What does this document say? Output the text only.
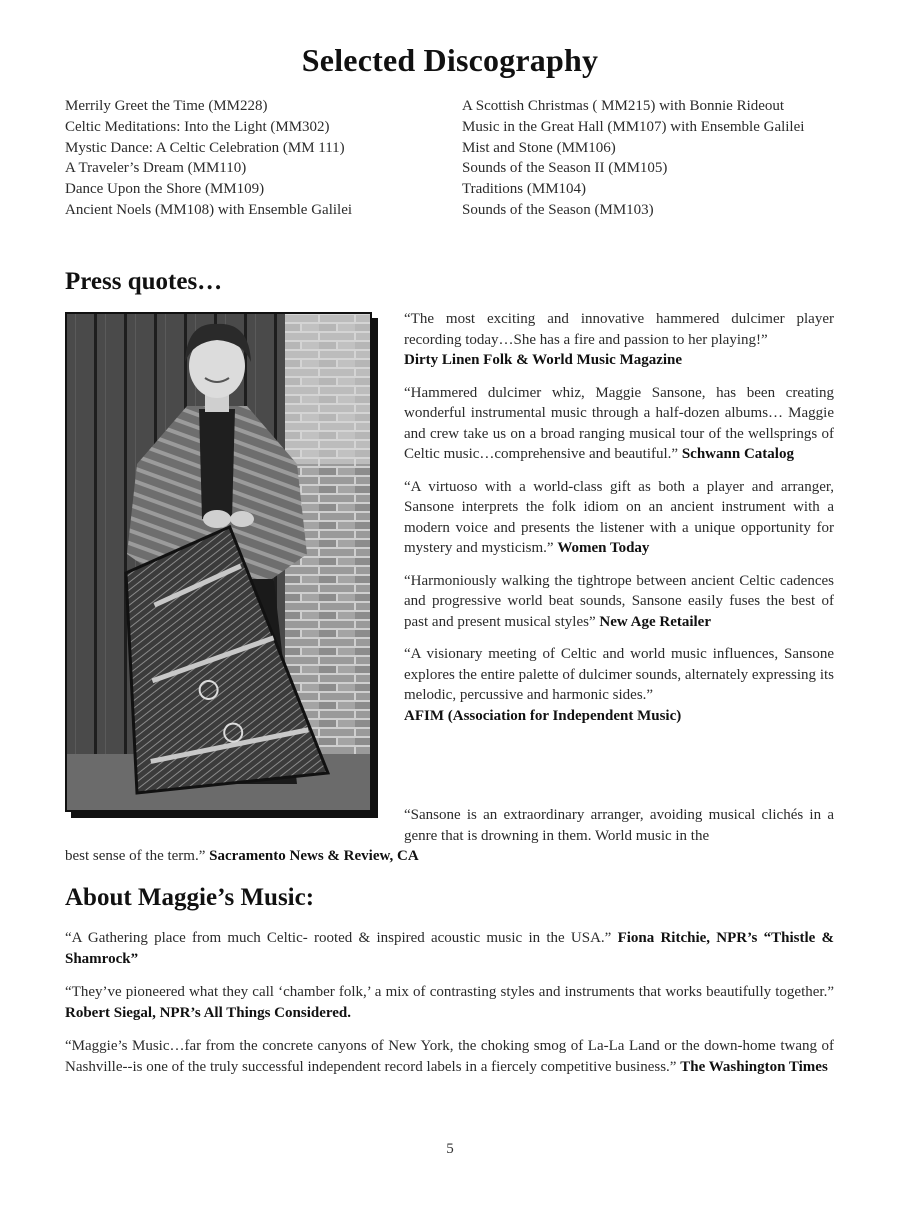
Selected Discography
Merrily Greet the Time (MM228)
Celtic Meditations: Into the Light (MM302)
Mystic Dance: A Celtic Celebration (MM 111)
A Traveler’s Dream (MM110)
Dance Upon the Shore (MM109)
Ancient Noels (MM108) with Ensemble Galilei
A Scottish Christmas ( MM215) with Bonnie Rideout
Music in the Great Hall (MM107) with Ensemble Galilei
Mist and Stone (MM106)
Sounds of the Season II (MM105)
Traditions (MM104)
Sounds of the Season (MM103)
Press quotes…

“The most exciting and innovative hammered dulcimer player recording today…She has a fire and passion to her playing!”
Dirty Linen Folk & World Music Magazine

“Hammered dulcimer whiz, Maggie Sansone, has been creating wonderful instrumental music through a half-dozen albums… Maggie and crew take us on a broad ranging musical tour of the wellsprings of Celtic music…comprehensive and beautiful.” Schwann Catalog

“A virtuoso with a world-class gift as both a player and arranger, Sansone interprets the folk idiom on an ancient instrument with a modern voice and presents the listener with a unique opportunity for mystery and mysticism.” Women Today

“Harmoniously walking the tightrope between ancient Celtic cadences and progressive world beat sounds, Sansone easily fuses the best of past and present musical styles” New Age Retailer

“A visionary meeting of Celtic and world music influences, Sansone explores the entire palette of dulcimer sounds, alternately expressing its melodic, percussive and harmonic sides.”
AFIM (Association for Independent Music)

“Sansone is an extraordinary arranger, avoiding musical clichés in a genre that is drowning in them. World music in the
best sense of the term.” Sacramento News & Review, CA
About Maggie’s Music:
“A Gathering place from much Celtic- rooted & inspired acoustic music in the USA.” Fiona Ritchie, NPR’s “Thistle & Shamrock”
“They’ve pioneered what they call ‘chamber folk,’ a mix of contrasting styles and instruments that works beautifully together.” Robert Siegal, NPR’s All Things Considered.
“Maggie’s Music…far from the concrete canyons of New York, the choking smog of La-La Land or the down-home twang of Nashville--is one of the truly successful independent record labels in a fiercely competitive business.” The Washington Times
5
